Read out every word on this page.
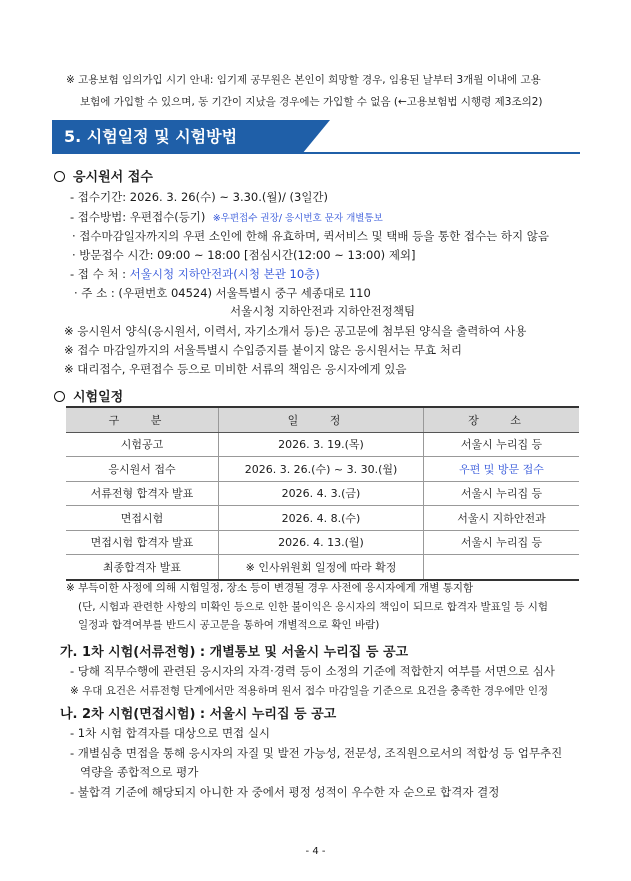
※ 고용보험 임의가입 시기 안내: 임기제 공무원은 본인이 희망할 경우, 임용된 날부터 3개월 이내에 고용
보험에 가입할 수 있으며, 동 기간이 지났을 경우에는 가입할 수 없음 (←고용보험법 시행령 제3조의2)
5. 시험일정 및 시험방법
응시원서 접수
- 접수기간: 2026. 3. 26(수) ~ 3.30.(월)/ (3일간)
- 접수방법: 우편접수(등기) ※우편접수 권장/ 응시번호 문자 개별통보
· 접수마감일자까지의 우편 소인에 한해 유효하며, 퀵서비스 및 택배 등을 통한 접수는 하지 않음
· 방문접수 시간: 09:00 ~ 18:00 [점심시간(12:00 ~ 13:00) 제외]
- 접 수 처 : 서울시청 지하안전과(시청 본관 10층)
· 주 소 : (우편번호 04524) 서울특별시 중구 세종대로 110
서울시청 지하안전과 지하안전정책팀
※ 응시원서 양식(응시원서, 이력서, 자기소개서 등)은 공고문에 첨부된 양식을 출력하여 사용
※ 접수 마감일까지의 서울특별시 수입증지를 붙이지 않은 응시원서는 무효 처리
※ 대리접수, 우편접수 등으로 미비한 서류의 책임은 응시자에게 있음
시험일정
구 분	일 정	장 소
시험공고	2026. 3. 19.(목)	서울시 누리집 등
응시원서 접수	2026. 3. 26.(수) ~ 3. 30.(월)	우편 및 방문 접수
서류전형 합격자 발표	2026. 4. 3.(금)	서울시 누리집 등
면접시험	2026. 4. 8.(수)	서울시 지하안전과
면접시험 합격자 발표	2026. 4. 13.(월)	서울시 누리집 등
최종합격자 발표	※ 인사위원회 일정에 따라 확정	
※ 부득이한 사정에 의해 시험일정, 장소 등이 변경될 경우 사전에 응시자에게 개별 통지함
(단, 시험과 관련한 사항의 미확인 등으로 인한 불이익은 응시자의 책임이 되므로 합격자 발표일 등 시험
일정과 합격여부를 반드시 공고문을 통하여 개별적으로 확인 바람)
가. 1차 시험(서류전형) : 개별통보 및 서울시 누리집 등 공고
- 당해 직무수행에 관련된 응시자의 자격·경력 등이 소정의 기준에 적합한지 여부를 서면으로 심사
※ 우대 요건은 서류전형 단계에서만 적용하며 원서 접수 마감일을 기준으로 요건을 충족한 경우에만 인정
나. 2차 시험(면접시험) : 서울시 누리집 등 공고
- 1차 시험 합격자를 대상으로 면접 실시
- 개별심층 면접을 통해 응시자의 자질 및 발전 가능성, 전문성, 조직원으로서의 적합성 등 업무추진
역량을 종합적으로 평가
- 불합격 기준에 해당되지 아니한 자 중에서 평정 성적이 우수한 자 순으로 합격자 결정
- 4 -
